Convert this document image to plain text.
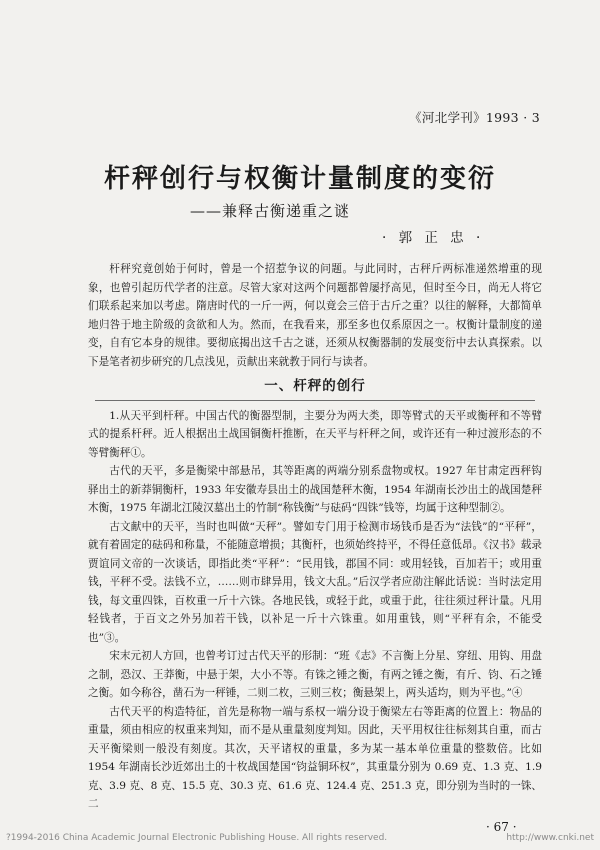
《河北学刊》1993 · 3
杆秤创行与权衡计量制度的变衍
——兼释古衡递重之谜
· 郭 正 忠 ·

杆秤究竟创始于何时，曾是一个招惹争议的问题。与此同时，古秤斤两标准递然增重的现象，也曾引起历代学者的注意。尽管大家对这两个问题都曾屡抒高见，但时至今日，尚无人将它们联系起来加以考虑。隋唐时代的一斤一两，何以竟会三倍于古斤之重？以往的解释，大都简单地归咎于地主阶级的贪欲和人为。然而，在我看来，那至多也仅系原因之一。权衡计量制度的递变，自有它本身的规律。要彻底揭出这千古之谜，还须从权衡器制的发展变衍中去认真探索。以下是笔者初步研究的几点浅见，贡献出来就教于同行与读者。

一、杆秤的创行

1.从天平到杆秤。中国古代的衡器型制，主要分为两大类，即等臂式的天平或衡秤和不等臂式的提系杆秤。近人根据出土战国铜衡杆推断，在天平与杆秤之间，或许还有一种过渡形态的不等臂衡秤①。

古代的天平，多是衡梁中部悬吊，其等距离的两端分别系盘物或权。1927 年甘肃定西秤钩驿出土的新莽铜衡杆，1933 年安徽寿县出土的战国楚秤木衡，1954 年湖南长沙出土的战国楚秤木衡，1975 年湖北江陵汉墓出土的竹制“称钱衡”与砝码“四铢”钱等，均属于这种型制②。

古文献中的天平，当时也叫做“天秤”。譬如专门用于检测市场钱币是否为“法钱”的“平秤”，就有着固定的砝码和称量，不能随意增损；其衡杆，也须始终持平，不得任意低昂。《汉书》载录贾谊同文帝的一次谈话，即指此类“平秤”：“民用钱，郡国不同：或用轻钱，百加若干；或用重钱，平秤不受。法钱不立，……则市肆异用，钱文大乱。”后汉学者应劭注解此话说：当时法定用钱，每文重四铢，百枚重一斤十六铢。各地民钱，或轻于此，或重于此，往往须过秤计量。凡用轻钱者，于百文之外另加若干钱，以补足一斤十六铢重。如用重钱，则“平秤有余，不能受也”③。

宋末元初人方回，也曾考订过古代天平的形制：“班《志》不言衡上分星、穿纽、用钩、用盘之制，恐汉、王莽衡，中悬于架，大小不等。有铢之锤之衡，有两之锤之衡，有斤、钧、石之锤之衡。如今称谷，凿石为一秤锤，二则二枚，三则三枚；衡悬架上，两头适均，则为平也。”④

古代天平的构造特征，首先是称物一端与系权一端分设于衡梁左右等距离的位置上：物品的重量，须由相应的权重来判知，而不是从重量刻度判知。因此，天平用权往往标刻其自重，而古天平衡梁则一般没有刻度。其次，天平诸权的重量，多为某一基本单位重量的整数倍。比如 1954 年湖南长沙近郊出土的十枚战国楚国“钧益铜环权”，其重量分别为 0.69 克、1.3 克、1.9 克、3.9 克、8 克、15.5 克、30.3 克、61.6 克、124.4 克、251.3 克，即分别为当时的一铢、二

· 67 ·
?1994-2016 China Academic Journal Electronic Publishing House. All rights reserved.	http://www.cnki.net
